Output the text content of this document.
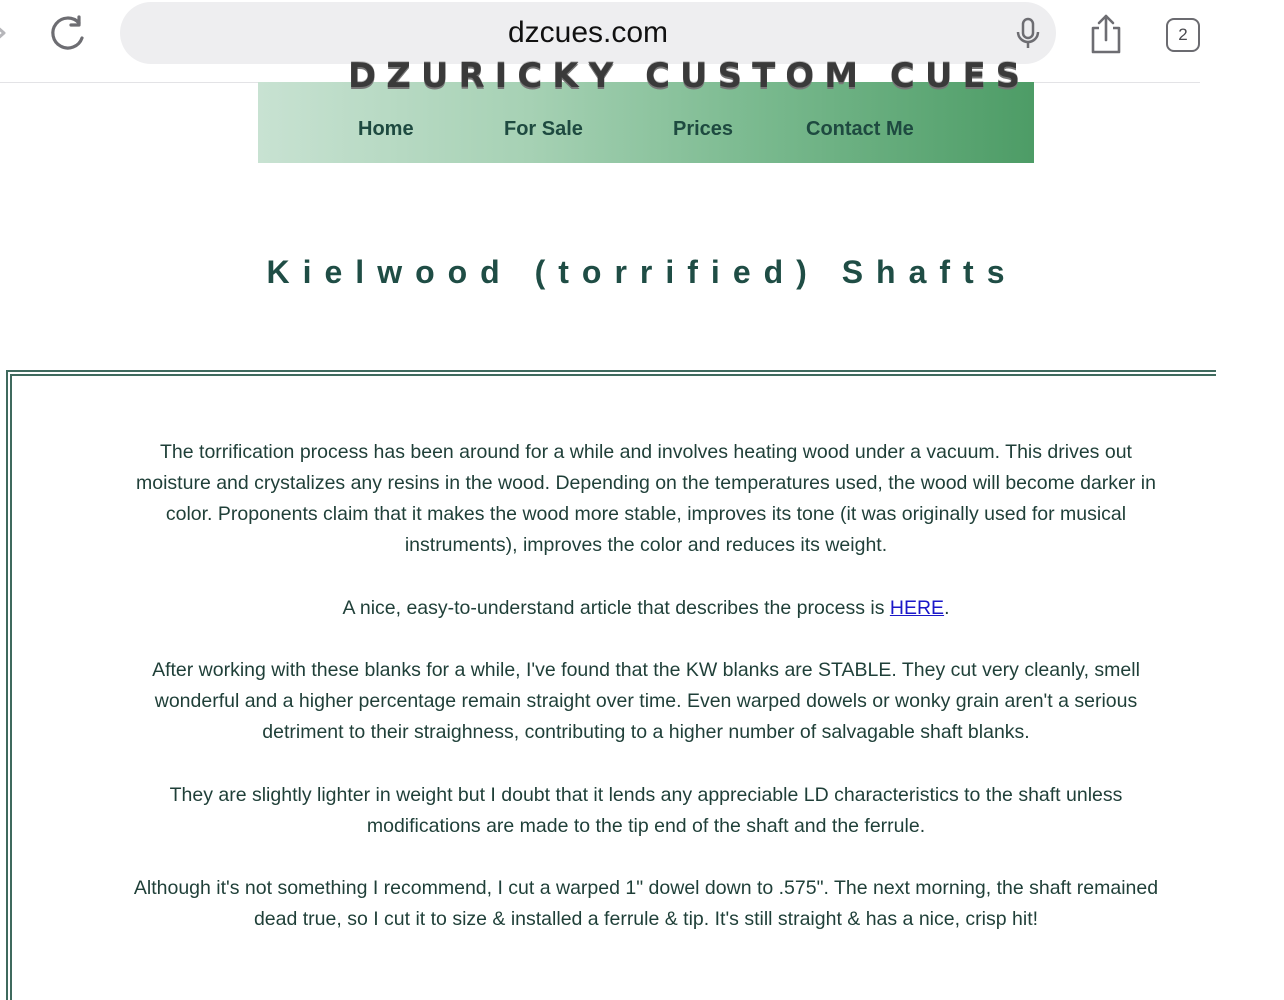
dzcues.com	2
DZURICKY CUSTOM CUES
Home	For Sale	Prices	Contact Me
Kielwood (torrified) Shafts
The torrification process has been around for a while and involves heating wood under a vacuum. This drives out moisture and crystalizes any resins in the wood. Depending on the temperatures used, the wood will become darker in color. Proponents claim that it makes the wood more stable, improves its tone (it was originally used for musical instruments), improves the color and reduces its weight.
A nice, easy-to-understand article that describes the process is HERE.
After working with these blanks for a while, I've found that the KW blanks are STABLE. They cut very cleanly, smell wonderful and a higher percentage remain straight over time. Even warped dowels or wonky grain aren't a serious detriment to their straighness, contributing to a higher number of salvagable shaft blanks.
They are slightly lighter in weight but I doubt that it lends any appreciable LD characteristics to the shaft unless modifications are made to the tip end of the shaft and the ferrule.
Although it's not something I recommend, I cut a warped 1" dowel down to .575". The next morning, the shaft remained dead true, so I cut it to size & installed a ferrule & tip. It's still straight & has a nice, crisp hit!
